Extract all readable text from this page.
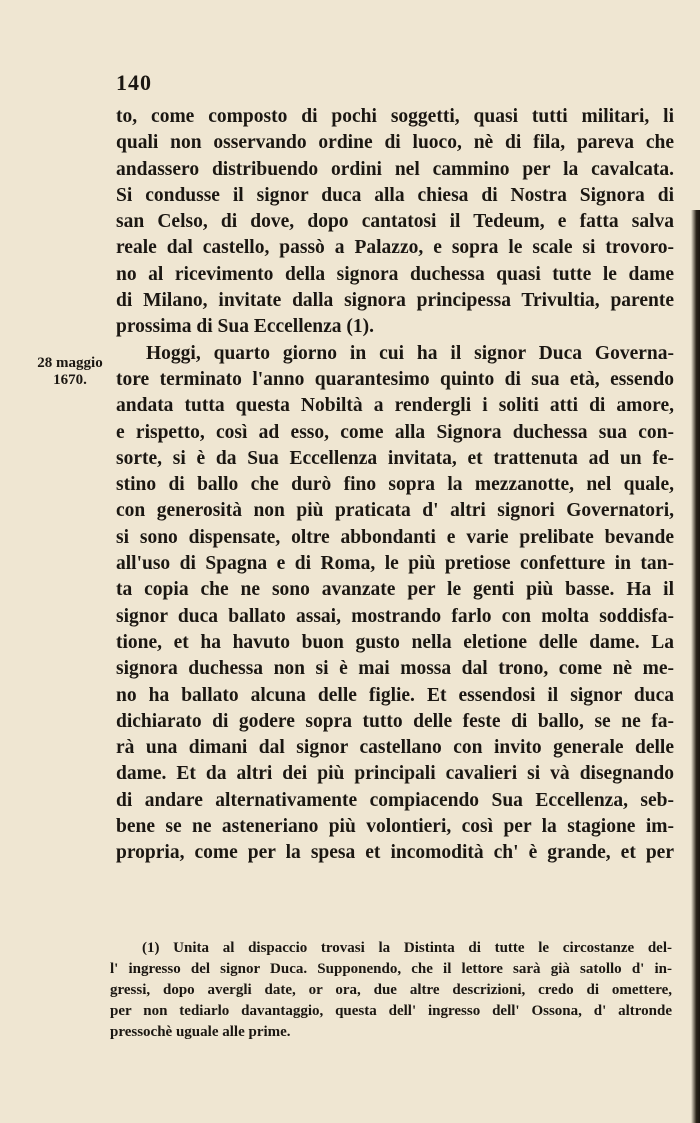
140
28 maggio
1670.
to, come composto di pochi soggetti, quasi tutti militari, li
quali non osservando ordine di luoco, nè di fila, pareva che
andassero distribuendo ordini nel cammino per la cavalcata.
Si condusse il signor duca alla chiesa di Nostra Signora di
san Celso, di dove, dopo cantatosi il Tedeum, e fatta salva
reale dal castello, passò a Palazzo, e sopra le scale si trovoro-
no al ricevimento della signora duchessa quasi tutte le dame
di Milano, invitate dalla signora principessa Trivultia, parente
prossima di Sua Eccellenza (1).
Hoggi, quarto giorno in cui ha il signor Duca Governa-
tore terminato l'anno quarantesimo quinto di sua età, essendo
andata tutta questa Nobiltà a rendergli i soliti atti di amore,
e rispetto, così ad esso, come alla Signora duchessa sua con-
sorte, si è da Sua Eccellenza invitata, et trattenuta ad un fe-
stino di ballo che durò fino sopra la mezzanotte, nel quale,
con generosità non più praticata d' altri signori Governatori,
si sono dispensate, oltre abbondanti e varie prelibate bevande
all'uso di Spagna e di Roma, le più pretiose confetture in tan-
ta copia che ne sono avanzate per le genti più basse. Ha il
signor duca ballato assai, mostrando farlo con molta soddisfa-
tione, et ha havuto buon gusto nella eletione delle dame. La
signora duchessa non si è mai mossa dal trono, come nè me-
no ha ballato alcuna delle figlie. Et essendosi il signor duca
dichiarato di godere sopra tutto delle feste di ballo, se ne fa-
rà una dimani dal signor castellano con invito generale delle
dame. Et da altri dei più principali cavalieri si và disegnando
di andare alternativamente compiacendo Sua Eccellenza, seb-
bene se ne asteneriano più volontieri, così per la stagione im-
propria, come per la spesa et incomodità ch' è grande, et per
(1) Unita al dispaccio trovasi la Distinta di tutte le circostanze del-
l' ingresso del signor Duca. Supponendo, che il lettore sarà già satollo d' in-
gressi, dopo avergli date, or ora, due altre descrizioni, credo di omettere,
per non tediarlo davantaggio, questa dell' ingresso dell' Ossona, d' altronde
pressochè uguale alle prime.
